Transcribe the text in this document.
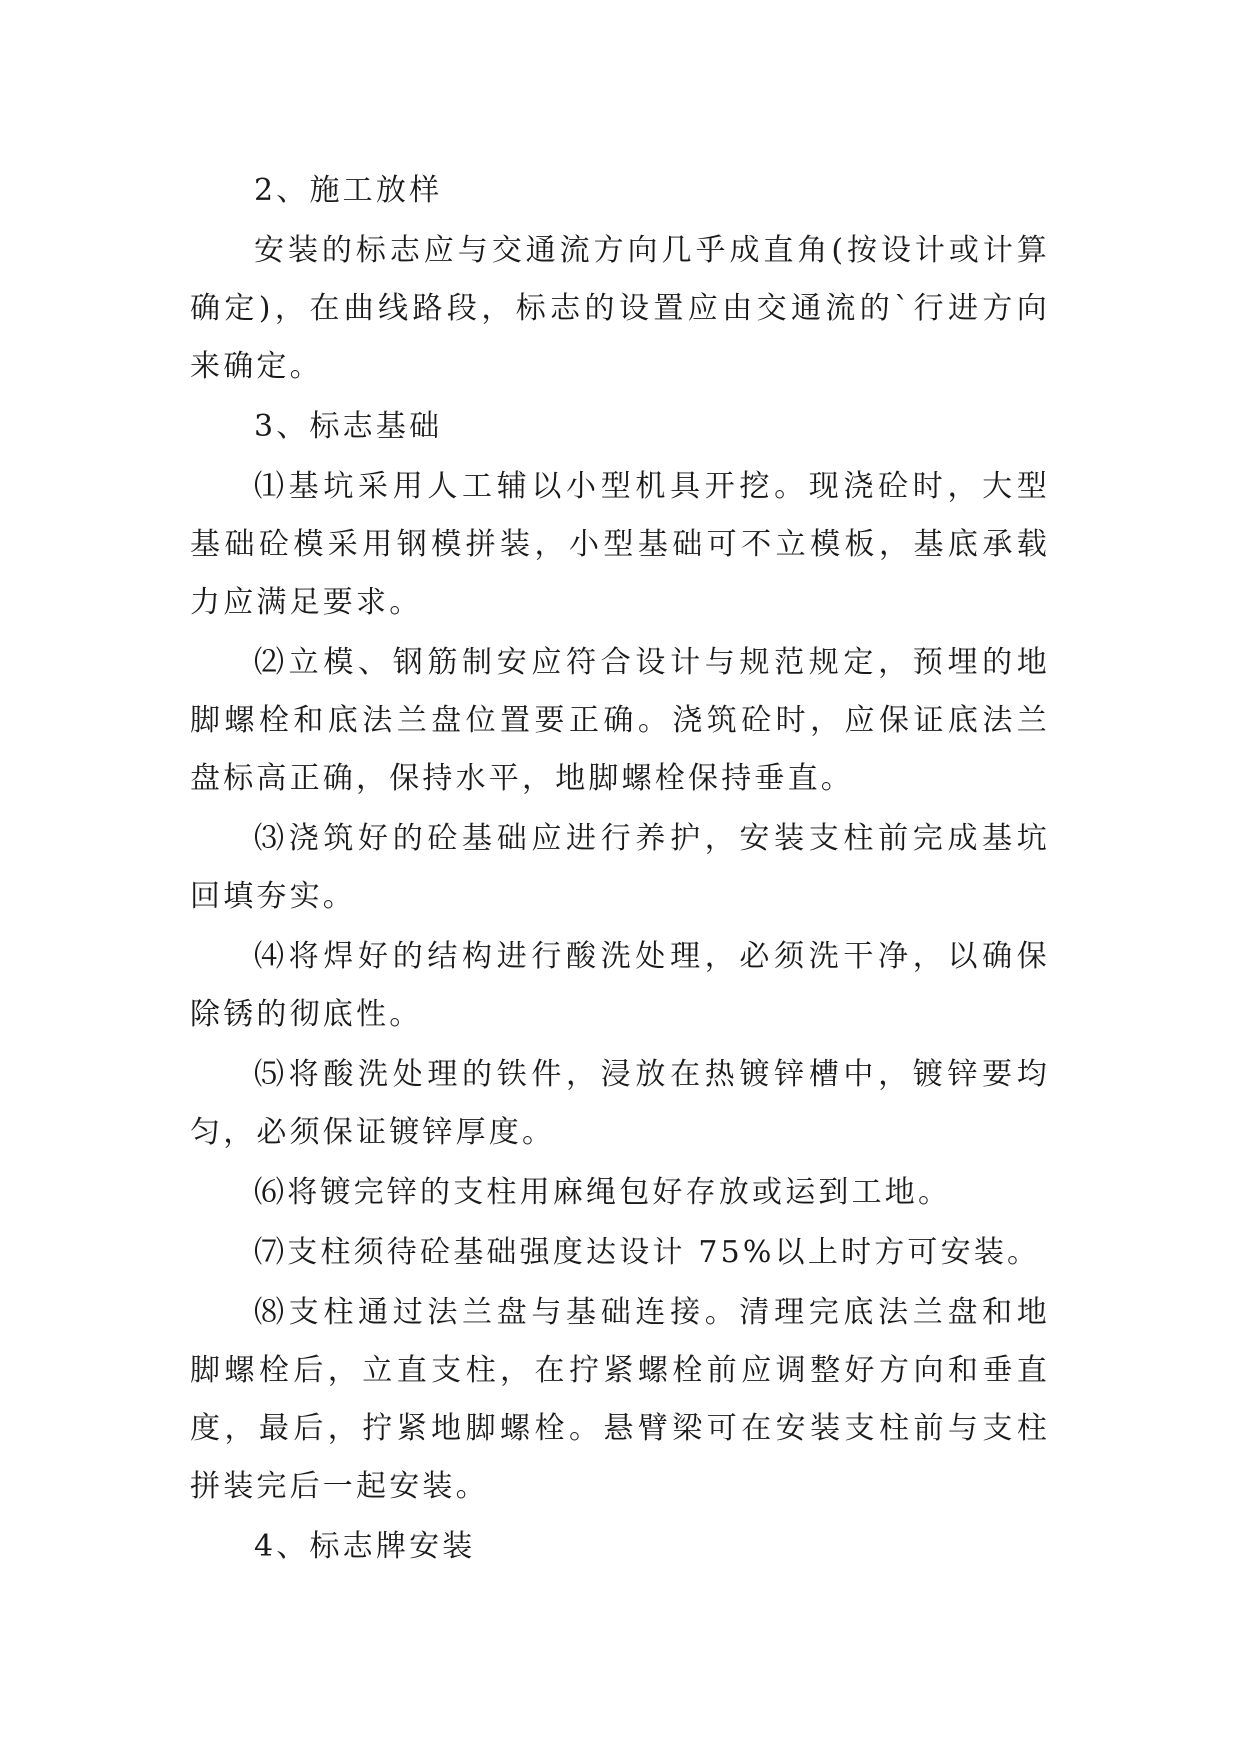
2、施工放样

安装的标志应与交通流方向几乎成直角(按设计或计算确定)，在曲线路段，标志的设置应由交通流的`行进方向来确定。

3、标志基础

⑴基坑采用人工辅以小型机具开挖。现浇砼时，大型基础砼模采用钢模拼装，小型基础可不立模板，基底承载力应满足要求。

⑵立模、钢筋制安应符合设计与规范规定，预埋的地脚螺栓和底法兰盘位置要正确。浇筑砼时，应保证底法兰盘标高正确，保持水平，地脚螺栓保持垂直。

⑶浇筑好的砼基础应进行养护，安装支柱前完成基坑回填夯实。

⑷将焊好的结构进行酸洗处理，必须洗干净，以确保除锈的彻底性。

⑸将酸洗处理的铁件，浸放在热镀锌槽中，镀锌要均匀，必须保证镀锌厚度。

⑹将镀完锌的支柱用麻绳包好存放或运到工地。

⑺支柱须待砼基础强度达设计 75%以上时方可安装。

⑻支柱通过法兰盘与基础连接。清理完底法兰盘和地脚螺栓后，立直支柱，在拧紧螺栓前应调整好方向和垂直度，最后，拧紧地脚螺栓。悬臂梁可在安装支柱前与支柱拼装完后一起安装。

4、标志牌安装
